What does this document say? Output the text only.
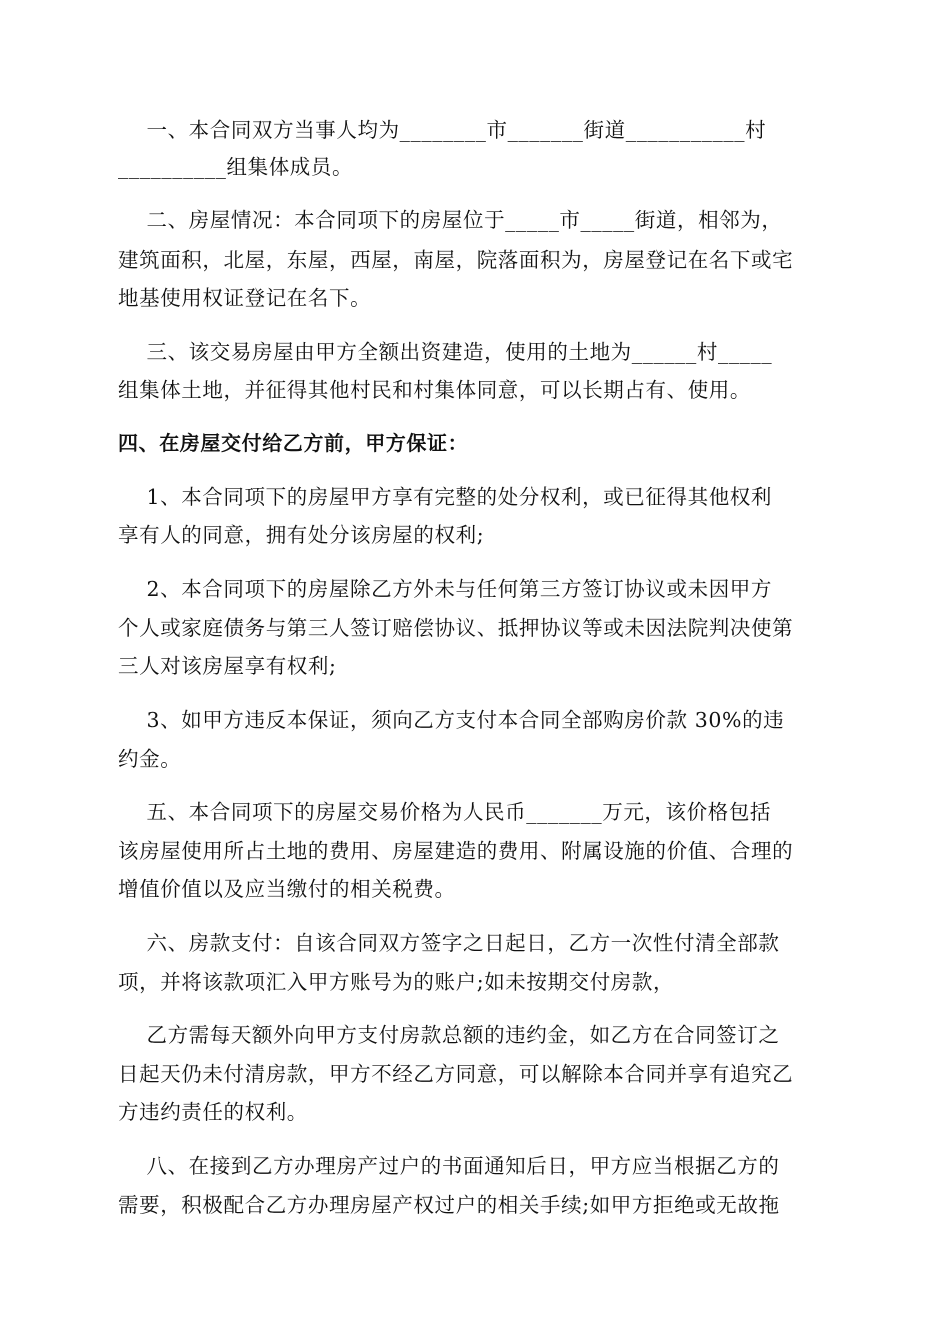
一、本合同双方当事人均为________市_______街道___________村
__________组集体成员。
二、房屋情况：本合同项下的房屋位于_____市_____街道，相邻为，
建筑面积，北屋，东屋，西屋，南屋，院落面积为，房屋登记在名下或宅
地基使用权证登记在名下。
三、该交易房屋由甲方全额出资建造，使用的土地为______村_____
组集体土地，并征得其他村民和村集体同意，可以长期占有、使用。
四、在房屋交付给乙方前，甲方保证：
1、本合同项下的房屋甲方享有完整的处分权利，或已征得其他权利
享有人的同意，拥有处分该房屋的权利;
2、本合同项下的房屋除乙方外未与任何第三方签订协议或未因甲方
个人或家庭债务与第三人签订赔偿协议、抵押协议等或未因法院判决使第
三人对该房屋享有权利;
3、如甲方违反本保证，须向乙方支付本合同全部购房价款 30%的违
约金。
五、本合同项下的房屋交易价格为人民币_______万元，该价格包括
该房屋使用所占土地的费用、房屋建造的费用、附属设施的价值、合理的
增值价值以及应当缴付的相关税费。
六、房款支付：自该合同双方签字之日起日，乙方一次性付清全部款
项，并将该款项汇入甲方账号为的账户;如未按期交付房款，
乙方需每天额外向甲方支付房款总额的违约金，如乙方在合同签订之
日起天仍未付清房款，甲方不经乙方同意，可以解除本合同并享有追究乙
方违约责任的权利。
八、在接到乙方办理房产过户的书面通知后日，甲方应当根据乙方的
需要，积极配合乙方办理房屋产权过户的相关手续;如甲方拒绝或无故拖
